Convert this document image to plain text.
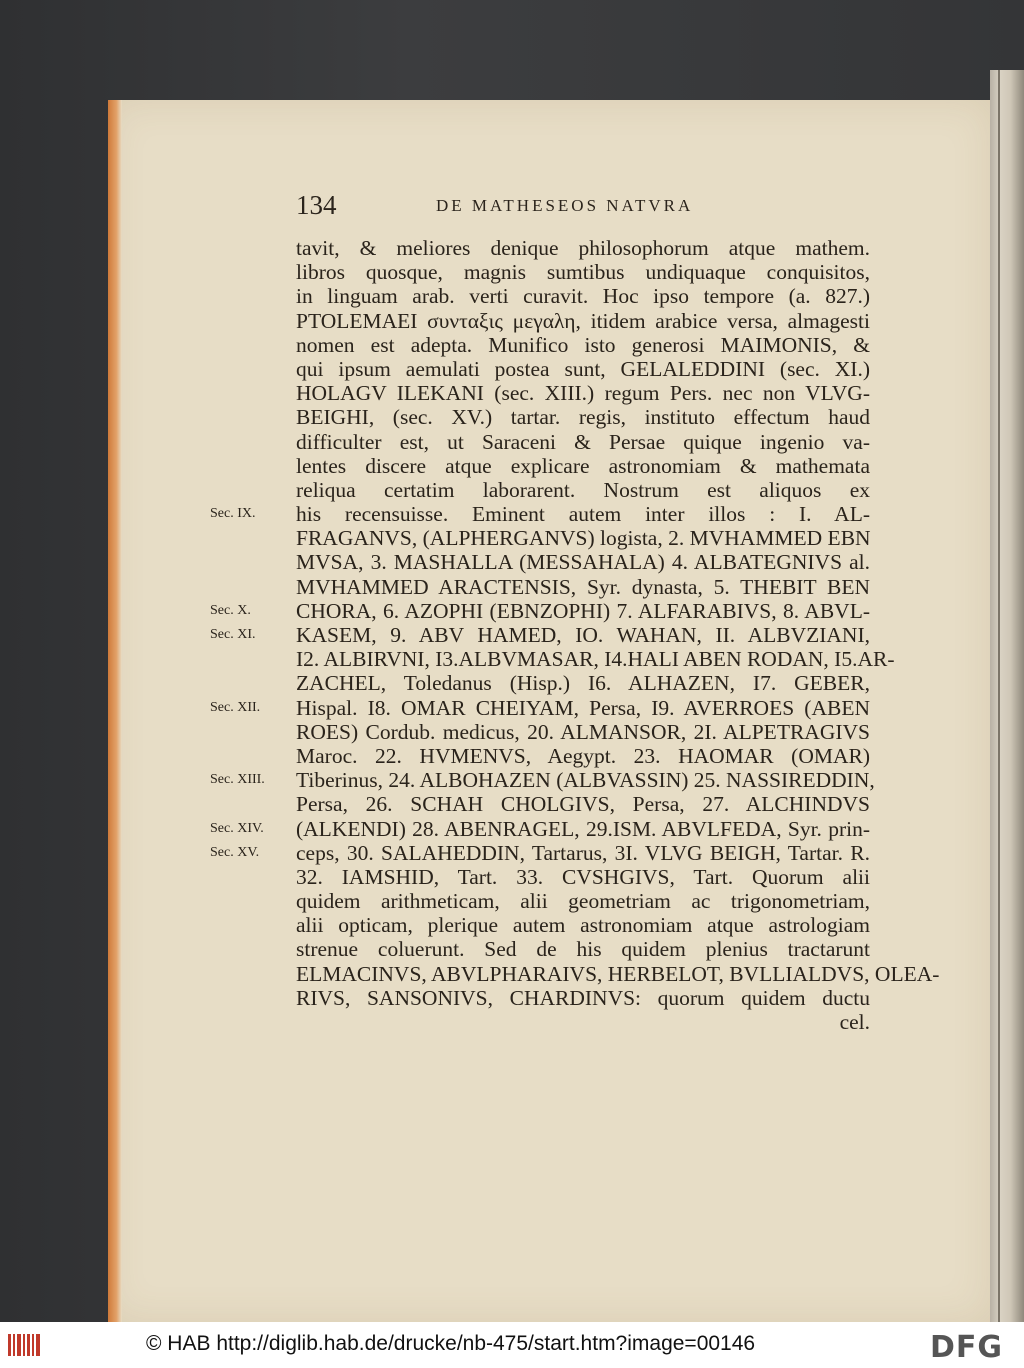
134	DE MATHESEOS NATVRA
Sec. IX.
Sec. X.
Sec. XI.
Sec. XII.
Sec. XIII.
Sec. XIV.
Sec. XV.
tavit, & meliores denique philosophorum atque mathem.
libros quosque, magnis sumtibus undiquaque conquisitos,
in linguam arab. verti curavit. Hoc ipso tempore (a. 827.)
PTOLEMAEI συνταξις μεγαλη, itidem arabice versa, almagesti
nomen est adepta. Munifico isto generosi MAIMONIS, &
qui ipsum aemulati postea sunt, GELALEDDINI (sec. XI.)
HOLAGV ILEKANI (sec. XIII.) regum Pers. nec non VLVG-
BEIGHI, (sec. XV.) tartar. regis, instituto effectum haud
difficulter est, ut Saraceni & Persae quique ingenio va-
lentes discere atque explicare astronomiam & mathemata
reliqua certatim laborarent. Nostrum est aliquos ex
his recensuisse. Eminent autem inter illos : I. AL-
FRAGANVS, (ALPHERGANVS) logista, 2. MVHAMMED EBN
MVSA, 3. MASHALLA (MESSAHALA) 4. ALBATEGNIVS al.
MVHAMMED ARACTENSIS, Syr. dynasta, 5. THEBIT BEN
CHORA, 6. AZOPHI (EBNZOPHI) 7. ALFARABIVS, 8. ABVL-
KASEM, 9. ABV HAMED, IO. WAHAN, II. ALBVZIANI,
I2. ALBIRVNI, I3.ALBVMASAR, I4.HALI ABEN RODAN, I5.AR-
ZACHEL, Toledanus (Hisp.) I6. ALHAZEN, I7. GEBER,
Hispal. I8. OMAR CHEIYAM, Persa, I9. AVERROES (ABEN
ROES) Cordub. medicus, 20. ALMANSOR, 2I. ALPETRAGIVS
Maroc. 22. HVMENVS, Aegypt. 23. HAOMAR (OMAR)
Tiberinus, 24. ALBOHAZEN (ALBVASSIN) 25. NASSIREDDIN,
Persa, 26. SCHAH CHOLGIVS, Persa, 27. ALCHINDVS
(ALKENDI) 28. ABENRAGEL, 29.ISM. ABVLFEDA, Syr. prin-
ceps, 30. SALAHEDDIN, Tartarus, 3I. VLVG BEIGH, Tartar. R.
32. IAMSHID, Tart. 33. CVSHGIVS, Tart. Quorum alii
quidem arithmeticam, alii geometriam ac trigonometriam,
alii opticam, plerique autem astronomiam atque astrologiam
strenue coluerunt. Sed de his quidem plenius tractarunt
ELMACINVS, ABVLPHARAIVS, HERBELOT, BVLLIALDVS, OLEA-
RIVS, SANSONIVS, CHARDINVS: quorum quidem ductu
cel.
© HAB http://diglib.hab.de/drucke/nb-475/start.htm?image=00146	DFG
